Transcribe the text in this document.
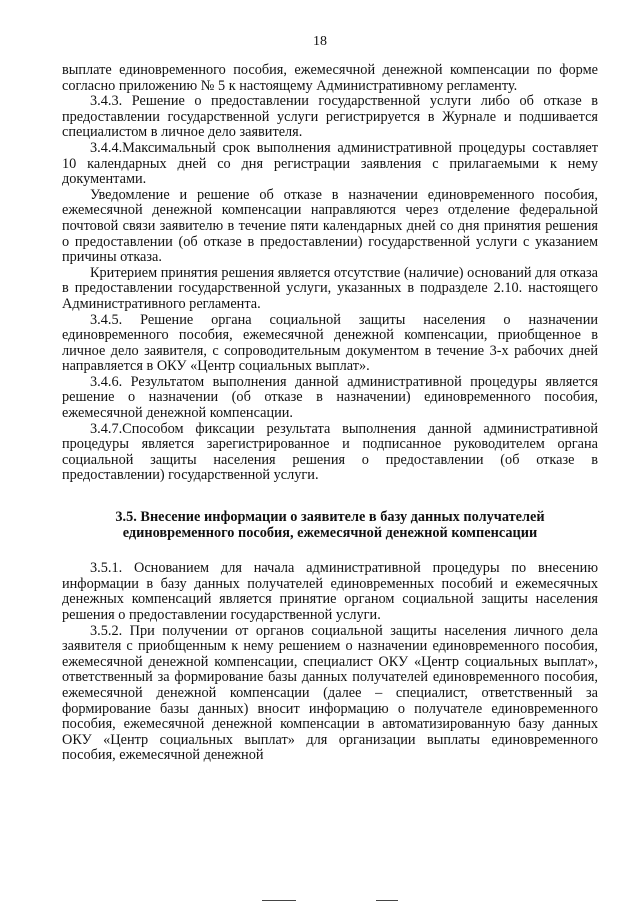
18

выплате единовременного пособия, ежемесячной денежной компенсации по форме согласно приложению № 5 к настоящему Административному регламенту.

3.4.3. Решение о предоставлении государственной услуги либо об отказе в предоставлении государственной услуги регистрируется в Журнале и подшивается специалистом в личное дело заявителя.

3.4.4.Максимальный срок выполнения административной процедуры составляет 10 календарных дней со дня регистрации заявления с прилагаемыми к нему документами.

Уведомление и решение об отказе в назначении единовременного пособия, ежемесячной денежной компенсации направляются через отделение федеральной почтовой связи заявителю в течение пяти календарных дней со дня принятия решения о предоставлении (об отказе в предоставлении) государственной услуги с указанием причины отказа.

Критерием принятия решения является отсутствие (наличие) оснований для отказа в предоставлении государственной услуги, указанных в подразделе 2.10. настоящего Административного регламента.

3.4.5. Решение органа социальной защиты населения о назначении единовременного пособия, ежемесячной денежной компенсации, приобщенное в личное дело заявителя, с сопроводительным документом в течение 3-х рабочих дней направляется в ОКУ «Центр социальных выплат».

3.4.6. Результатом выполнения данной административной процедуры является решение о назначении (об отказе в назначении) единовременного пособия, ежемесячной денежной компенсации.

3.4.7.Способом фиксации результата выполнения данной административной процедуры является зарегистрированное и подписанное руководителем органа социальной защиты населения решения о предоставлении (об отказе в предоставлении) государственной услуги.

3.5. Внесение информации о заявителе в базу данных получателей единовременного пособия, ежемесячной денежной компенсации

3.5.1. Основанием для начала административной процедуры по внесению информации в базу данных получателей единовременных пособий и ежемесячных денежных компенсаций является принятие органом социальной защиты населения решения о предоставлении государственной услуги.

3.5.2. При получении от органов социальной защиты населения личного дела заявителя с приобщенным к нему решением о назначении единовременного пособия, ежемесячной денежной компенсации, специалист ОКУ «Центр социальных выплат», ответственный за формирование базы данных получателей единовременного пособия, ежемесячной денежной компенсации (далее – специалист, ответственный за формирование базы данных) вносит информацию о получателе единовременного пособия, ежемесячной денежной компенсации в автоматизированную базу данных ОКУ «Центр социальных выплат» для организации выплаты единовременного пособия, ежемесячной денежной
